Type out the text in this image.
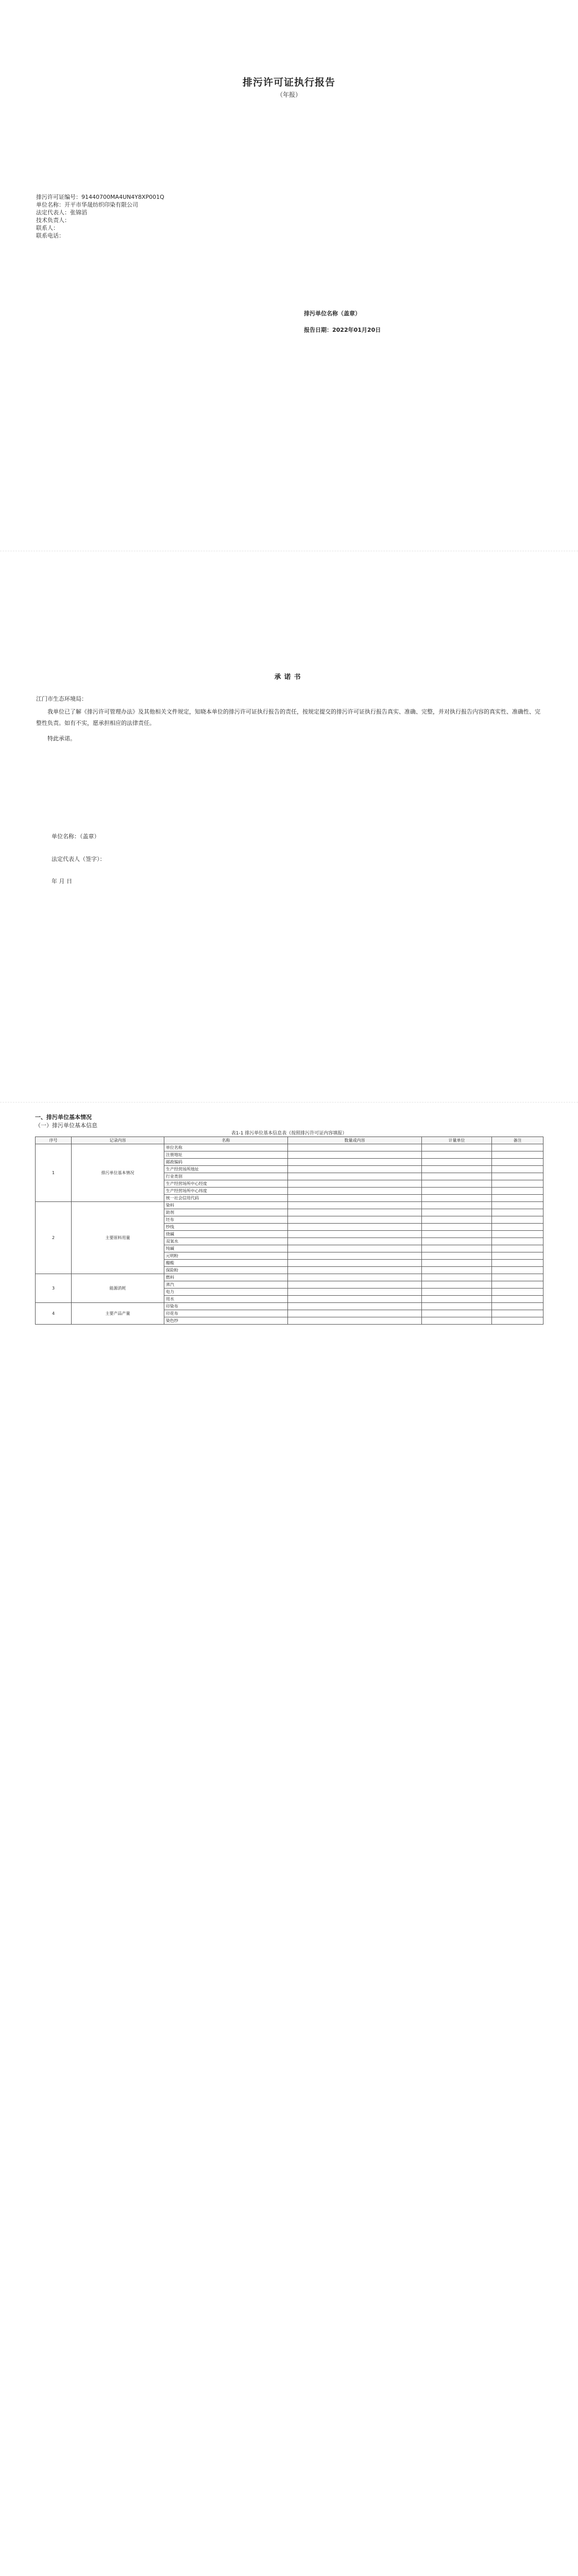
排污许可证执行报告
（年报）
排污许可证编号：91440700MA4UN4Y8XP001Q
单位名称：开平市华晟纺织印染有限公司
法定代表人：张锦滔
技术负责人：
联系人：
联系电话：
排污单位名称（盖章）
报告日期：2022年01月20日
承诺书
江门市生态环境局：
我单位已了解《排污许可管理办法》及其他相关文件规定，知晓本单位的排污许可证执行报告的责任，按规定提交的排污许可证执行报告真实、准确、完整，并对执行报告内容的真实性、准确性、完整性负责。如有不实，愿承担相应的法律责任。
特此承诺。
单位名称：（盖章）
法定代表人（签字）：
年 月 日
一、排污单位基本情况
（一）排污单位基本信息
表1-1 排污单位基本信息表（按照排污许可证内容填报）
序号	记录内容	名称	数量或内容	计量单位	备注
1	排污单位基本情况	单位名称			
		注册地址			
		邮政编码			
		生产经营场所地址			
		行业类别			
		生产经营场所中心经度			
		生产经营场所中心纬度			
		统一社会信用代码			
2	主要原料用量	染料			
		助剂			
		坯布			
		纱线			
		烧碱			
		双氧水			
		纯碱			
		元明粉			
		醋酸			
		保险粉			
3	能源消耗	燃料			
		蒸汽			
		电力			
		用水			
4	主要产品产量	印染布			
		印花布			
		染色纱			
